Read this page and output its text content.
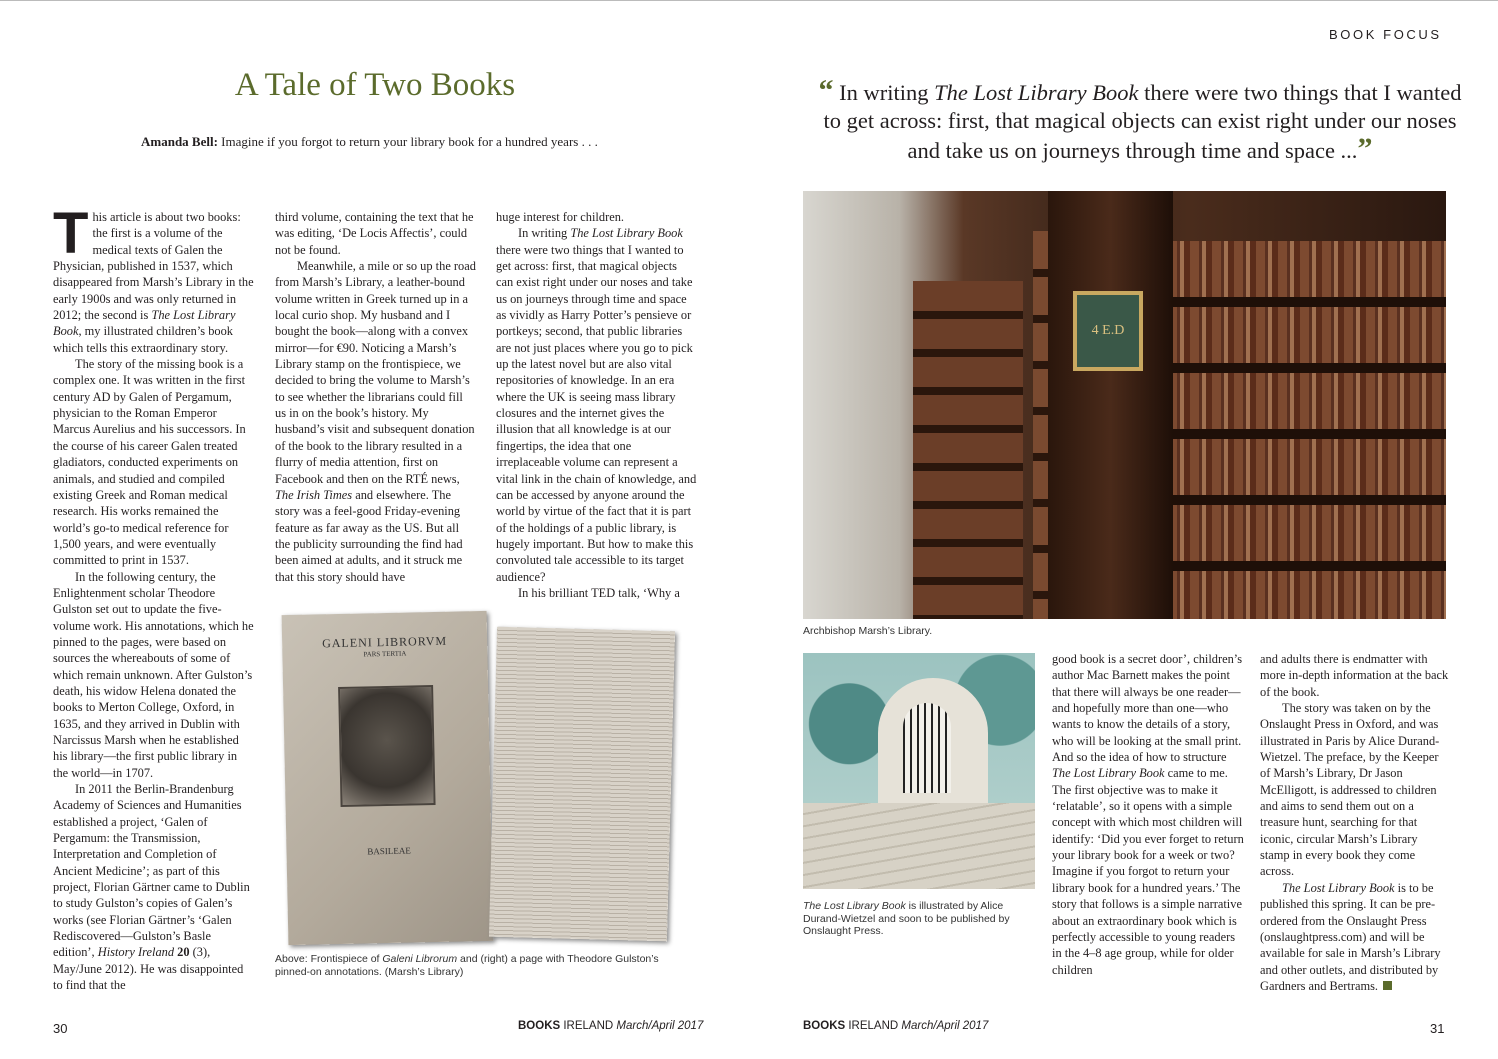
BOOK FOCUS
A Tale of Two Books
Amanda Bell: Imagine if you forgot to return your library book for a hundred years . . .
“ In writing The Lost Library Book there were two things that I wanted to get across: first, that magical objects can exist right under our noses and take us on journeys through time and space ...”

This article is about two books: the first is a volume of the medical texts of Galen the Physician, published in 1537, which disappeared from Marsh’s Library in the early 1900s and was only returned in 2012; the second is The Lost Library Book, my illustrated children’s book which tells this extraordinary story.

The story of the missing book is a complex one. It was written in the first century AD by Galen of Pergamum, physician to the Roman Emperor Marcus Aurelius and his successors. In the course of his career Galen treated gladiators, conducted experiments on animals, and studied and compiled existing Greek and Roman medical research. His works remained the world’s go-to medical reference for 1,500 years, and were eventually committed to print in 1537.

In the following century, the Enlightenment scholar Theodore Gulston set out to update the five-volume work. His annotations, which he pinned to the pages, were based on sources the whereabouts of some of which remain unknown. After Gulston’s death, his widow Helena donated the books to Merton College, Oxford, in 1635, and they arrived in Dublin with Narcissus Marsh when he established his library—the first public library in the world—in 1707.

In 2011 the Berlin-Brandenburg Academy of Sciences and Humanities established a project, ‘Galen of Pergamum: the Transmission, Interpretation and Completion of Ancient Medicine’; as part of this project, Florian Gärtner came to Dublin to study Gulston’s copies of Galen’s works (see Florian Gärtner’s ‘Galen Rediscovered—Gulston’s Basle edition’, History Ireland 20 (3), May/June 2012). He was disappointed to find that the

third volume, containing the text that he was editing, ‘De Locis Affectis’, could not be found.

Meanwhile, a mile or so up the road from Marsh’s Library, a leather-bound volume written in Greek turned up in a local curio shop. My husband and I bought the book—along with a convex mirror—for €90. Noticing a Marsh’s Library stamp on the frontispiece, we decided to bring the volume to Marsh’s to see whether the librarians could fill us in on the book’s history. My husband’s visit and subsequent donation of the book to the library resulted in a flurry of media attention, first on Facebook and then on the RTÉ news, The Irish Times and elsewhere. The story was a feel-good Friday-evening feature as far away as the US. But all the publicity surrounding the find had been aimed at adults, and it struck me that this story should have

huge interest for children.

In writing The Lost Library Book there were two things that I wanted to get across: first, that magical objects can exist right under our noses and take us on journeys through time and space as vividly as Harry Potter’s pensieve or portkeys; second, that public libraries are not just places where you go to pick up the latest novel but are also vital repositories of knowledge. In an era where the UK is seeing mass library closures and the internet gives the illusion that all knowledge is at our fingertips, the idea that one irreplaceable volume can represent a vital link in the chain of knowledge, and can be accessed by anyone around the world by virtue of the fact that it is part of the holdings of a public library, is hugely important. But how to make this convoluted tale accessible to its target audience?

In his brilliant TED talk, ‘Why a

good book is a secret door’, children’s author Mac Barnett makes the point that there will always be one reader—and hopefully more than one—who wants to know the details of a story, who will be looking at the small print. And so the idea of how to structure The Lost Library Book came to me. The first objective was to make it ‘relatable’, so it opens with a simple concept with which most children will identify: ‘Did you ever forget to return your library book for a week or two? Imagine if you forgot to return your library book for a hundred years.’ The story that follows is a simple narrative about an extraordinary book which is perfectly accessible to young readers in the 4–8 age group, while for older children

and adults there is endmatter with more in-depth information at the back of the book.

The story was taken on by the Onslaught Press in Oxford, and was illustrated in Paris by Alice Durand-Wietzel. The preface, by the Keeper of Marsh’s Library, Dr Jason McElligott, is addressed to children and aims to send them out on a treasure hunt, searching for that iconic, circular Marsh’s Library stamp in every book they come across.

The Lost Library Book is to be published this spring. It can be pre-ordered from the Onslaught Press (onslaughtpress.com) and will be available for sale in Marsh’s Library and other outlets, and distributed by Gardners and Bertrams.

GALENI LIBRORVM
PARS TERTIA
BASILEAE
Above: Frontispiece of Galeni Librorum and (right) a page with Theodore Gulston’s pinned-on annotations. (Marsh’s Library)
4 E.D
Archbishop Marsh’s Library.
The Lost Library Book is illustrated by Alice Durand-Wietzel and soon to be published by Onslaught Press.
30	31
BOOKS IRELAND March/April 2017	BOOKS IRELAND March/April 2017
